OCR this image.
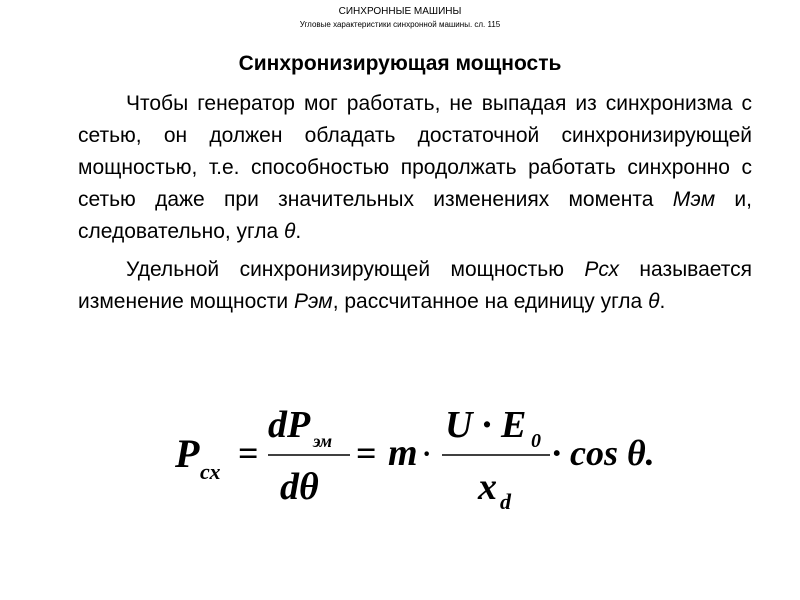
СИНХРОННЫЕ МАШИНЫ
Угловые характеристики синхронной машины. сл. 115
Синхронизирующая мощность

Чтобы генератор мог работать, не выпадая из синхронизма с сетью, он должен обладать достаточной синхронизирующей мощностью, т.е. способностью продолжать работать синхронно с сетью даже при значительных изменениях момента Мэм и, следовательно, угла θ.

Удельной синхронизирующей мощностью Рсх называется изменение мощности Рэм, рассчитанное на единицу угла θ.

P сх =
dP эм
dθ
= m ·
U · E 0
x d
· cos θ.
